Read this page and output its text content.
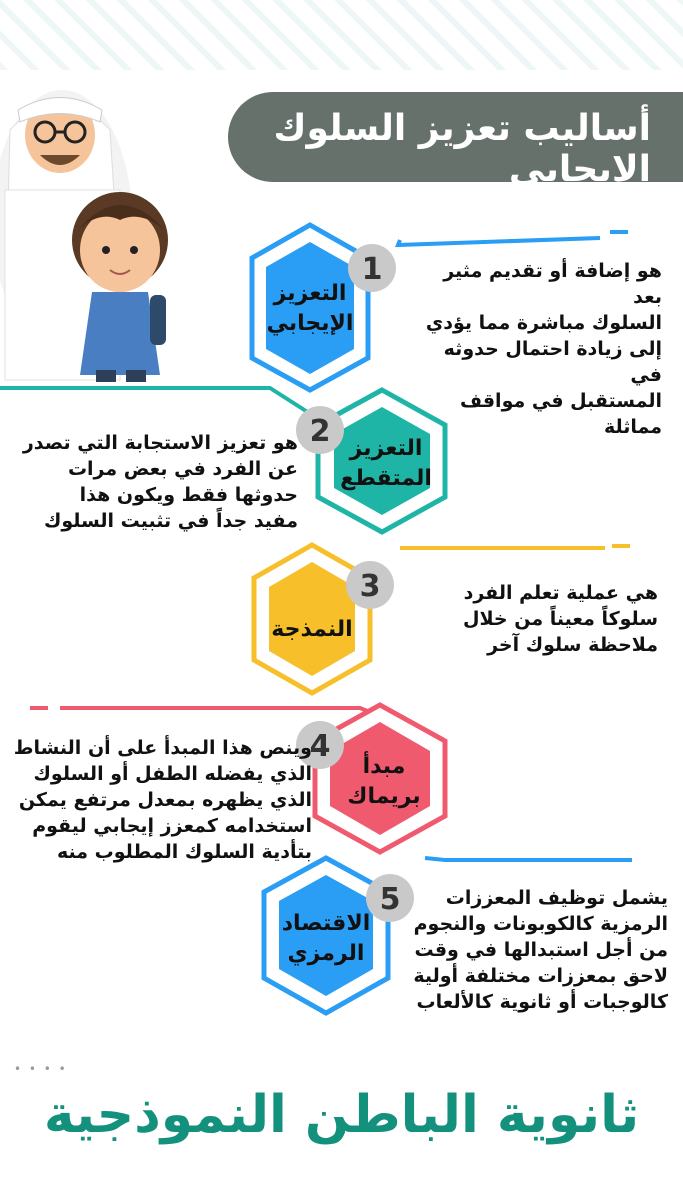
أساليب تعزيز السلوك الإيجابي
1
التعزيز
الإيجابي
2 التعزيز
المتقطع
3
النمذجة
4
مبدأ
بريماك
5
الاقتصاد
الرمزي
هو إضافة أو تقديم مثير بعد
السلوك مباشرة مما يؤدي
إلى زيادة احتمال حدوثه في
المستقبل في مواقف
مماثلة
هو تعزيز الاستجابة التي تصدر
عن الفرد في بعض مرات
حدوثها فقط ويكون هذا
مفيد جداً في تثبيت السلوك
هي عملية تعلم الفرد
سلوكاً معيناً من خلال
ملاحظة سلوك آخر
وينص هذا المبدأ على أن النشاط
الذي يفضله الطفل أو السلوك
الذي يظهره بمعدل مرتفع يمكن
استخدامه كمعزز إيجابي ليقوم
بتأدية السلوك المطلوب منه
يشمل توظيف المعززات
الرمزية كالكوبونات والنجوم
من أجل استبدالها في وقت
لاحق بمعززات مختلفة أولية
كالوجبات أو ثانوية كالألعاب
• • • •
ثانوية الباطن النموذجية
